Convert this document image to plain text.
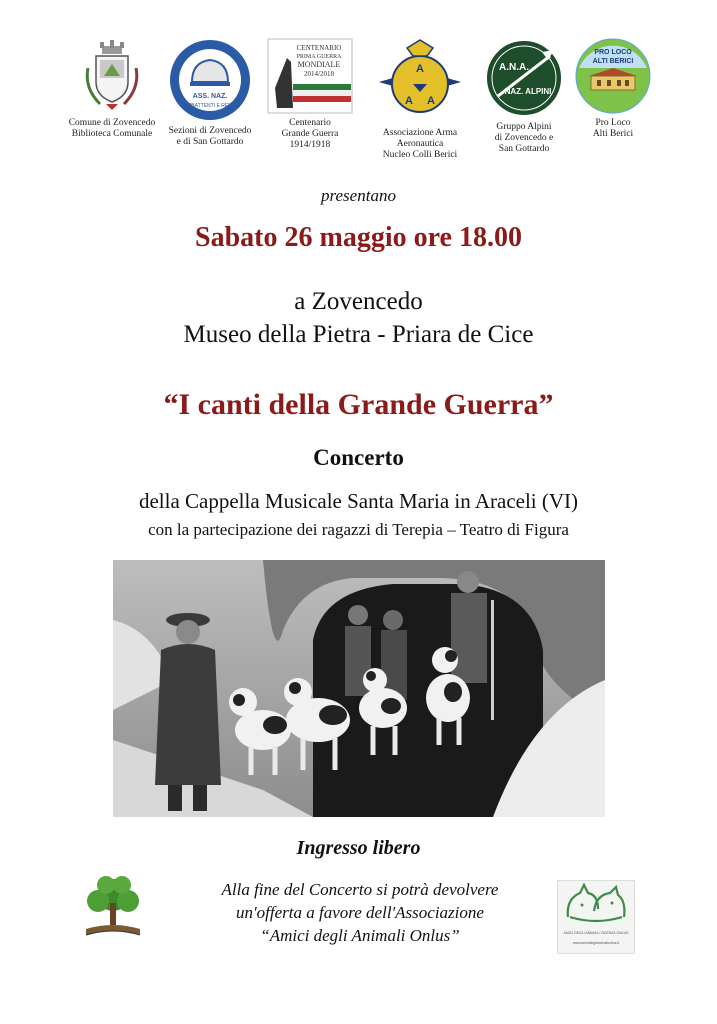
Comune di Zovencedo
Biblioteca Comunale
ASS. NAZ.
COMBATTENTI E REDUCI
Sezioni di Zovencedo
e di San Gottardo
CENTENARIO
PRIMA GUERRA
MONDIALE
2014/2018
Centenario
Grande Guerra
1914/1918
A
A A
Associazione Arma
Aeronautica
Nucleo Colli Berici
A.N.A.
NAZ. ALPINI
Gruppo Alpini
di Zovencedo e
San Gottardo
PRO LOCO
ALTI BERICI
Pro Loco
Alti Berici
presentano
Sabato 26 maggio ore 18.00
a Zovencedo
Museo della Pietra - Priara de Cice
“I canti della Grande Guerra”
Concerto
della Cappella Musicale Santa Maria in Araceli (VI)
con la partecipazione dei ragazzi di Terepia – Teatro di Figura
Ingresso libero
Alla fine del Concerto si potrà devolvere
un'offerta a favore dell'Associazione
“Amici degli Animali Onlus”	AMICI DEGLI ANIMALI VICENZA ONLUS
www.amicideglianimalionlus.it
